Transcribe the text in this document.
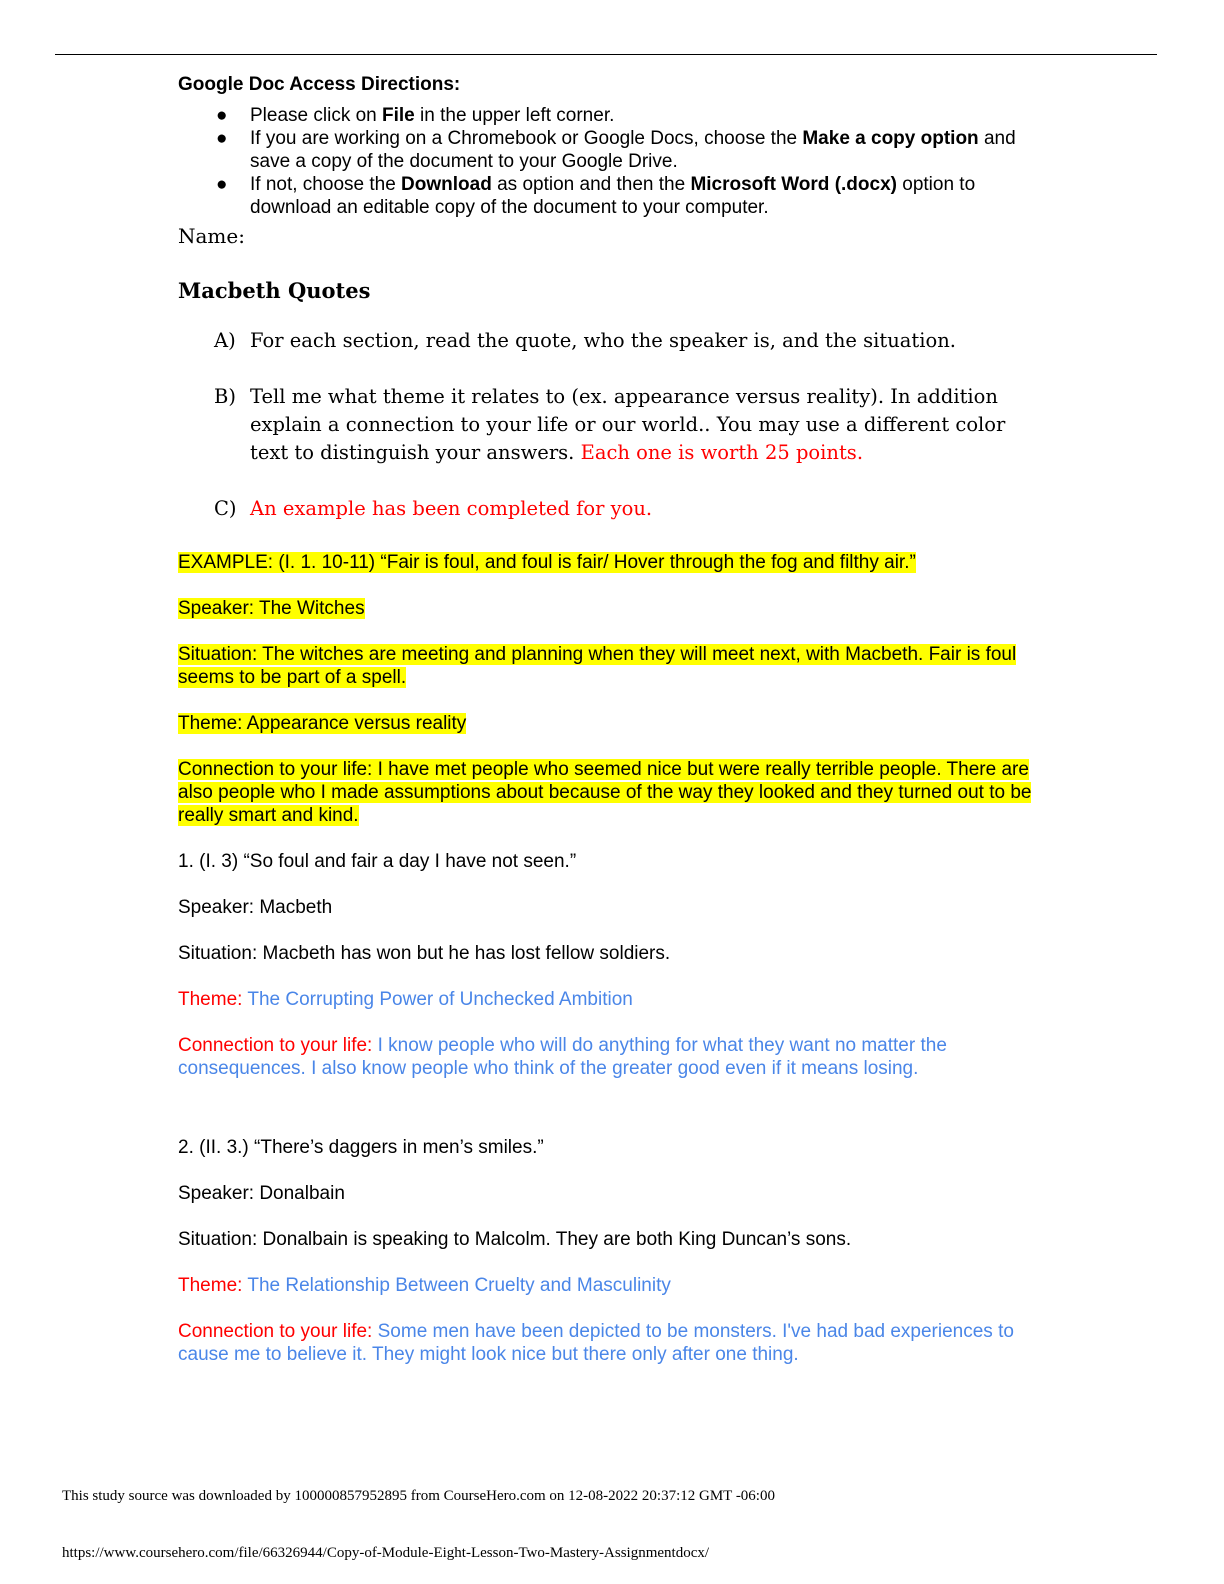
Google Doc Access Directions:
● Please click on File in the upper left corner.
● If you are working on a Chromebook or Google Docs, choose the Make a copy option and save a copy of the document to your Google Drive.
● If not, choose the Download as option and then the Microsoft Word (.docx) option to download an editable copy of the document to your computer.
Name:
Macbeth Quotes
A) For each section, read the quote, who the speaker is, and the situation.
B) Tell me what theme it relates to (ex. appearance versus reality). In addition explain a connection to your life or our world.. You may use a different color text to distinguish your answers. Each one is worth 25 points.
C) An example has been completed for you.

EXAMPLE: (I. 1. 10-11) “Fair is foul, and foul is fair/ Hover through the fog and filthy air.”

Speaker: The Witches

Situation: The witches are meeting and planning when they will meet next, with Macbeth. Fair is foul seems to be part of a spell.

Theme: Appearance versus reality

Connection to your life: I have met people who seemed nice but were really terrible people. There are also people who I made assumptions about because of the way they looked and they turned out to be really smart and kind.

1. (I. 3) “So foul and fair a day I have not seen.”

Speaker: Macbeth

Situation: Macbeth has won but he has lost fellow soldiers.

Theme: The Corrupting Power of Unchecked Ambition

Connection to your life: I know people who will do anything for what they want no matter the consequences. I also know people who think of the greater good even if it means losing.

2. (II. 3.) “There’s daggers in men’s smiles.”

Speaker: Donalbain

Situation: Donalbain is speaking to Malcolm. They are both King Duncan’s sons.

Theme: The Relationship Between Cruelty and Masculinity

Connection to your life: Some men have been depicted to be monsters. I've had bad experiences to cause me to believe it. They might look nice but there only after one thing.

This study source was downloaded by 100000857952895 from CourseHero.com on 12-08-2022 20:37:12 GMT -06:00
https://www.coursehero.com/file/66326944/Copy-of-Module-Eight-Lesson-Two-Mastery-Assignmentdocx/
